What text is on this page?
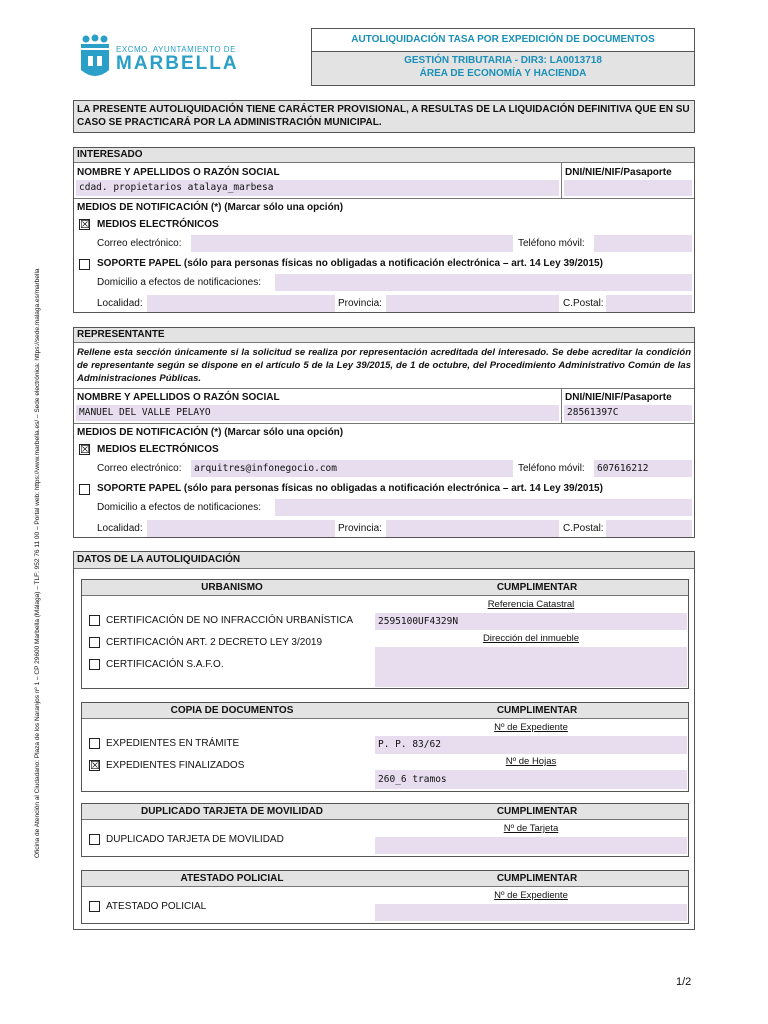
Oficina de Atención al Ciudadano: Plaza de los Naranjos nº 1 – CP 29600 Marbella (Málaga) – TLF: 952 76 11 00 – Portal web: https://www.marbella.es/ – Sede electrónica: https://sede.malaga.es/marbella
EXCMO. AYUNTAMIENTO DE
MARBELLA
AUTOLIQUIDACIÓN TASA POR EXPEDICIÓN DE DOCUMENTOS
GESTIÓN TRIBUTARIA - DIR3: LA0013718
ÁREA DE ECONOMÍA Y HACIENDA
LA PRESENTE AUTOLIQUIDACIÓN TIENE CARÁCTER PROVISIONAL, A RESULTAS DE LA LIQUIDACIÓN DEFINITIVA QUE EN SU CASO SE PRACTICARÁ POR LA ADMINISTRACIÓN MUNICIPAL.
INTERESADO
NOMBRE Y APELLIDOS O RAZÓN SOCIAL	DNI/NIE/NIF/Pasaporte
cdad. propietarios atalaya_marbesa
MEDIOS DE NOTIFICACIÓN (*) (Marcar sólo una opción)
☒ MEDIOS ELECTRÓNICOS
Correo electrónico:	Teléfono móvil:
SOPORTE PAPEL (sólo para personas físicas no obligadas a notificación electrónica – art. 14 Ley 39/2015)
Domicilio a efectos de notificaciones:
Localidad:	Provincia:	C.Postal:
REPRESENTANTE
Rellene esta sección únicamente si la solicitud se realiza por representación acreditada del interesado. Se debe acreditar la condición de representante según se dispone en el artículo 5 de la Ley 39/2015, de 1 de octubre, del Procedimiento Administrativo Común de las Administraciones Públicas.
NOMBRE Y APELLIDOS O RAZÓN SOCIAL	DNI/NIE/NIF/Pasaporte
MANUEL DEL VALLE PELAYO	28561397C
MEDIOS DE NOTIFICACIÓN (*) (Marcar sólo una opción)
☒ MEDIOS ELECTRÓNICOS
Correo electrónico:	arquitres@infonegocio.com	Teléfono móvil:	607616212
SOPORTE PAPEL (sólo para personas físicas no obligadas a notificación electrónica – art. 14 Ley 39/2015)
Domicilio a efectos de notificaciones:
Localidad:	Provincia:	C.Postal:
DATOS DE LA AUTOLIQUIDACIÓN
URBANISMO	CUMPLIMENTAR
CERTIFICACIÓN DE NO INFRACCIÓN URBANÍSTICA
CERTIFICACIÓN ART. 2 DECRETO LEY 3/2019
CERTIFICACIÓN S.A.F.O.
Referencia Catastral
2595100UF4329N
Dirección del inmueble
COPIA DE DOCUMENTOS	CUMPLIMENTAR
EXPEDIENTES EN TRÁMITE
☒ EXPEDIENTES FINALIZADOS
Nº de Expediente
P. P. 83/62
Nº de Hojas
260_6 tramos
DUPLICADO TARJETA DE MOVILIDAD	CUMPLIMENTAR
DUPLICADO TARJETA DE MOVILIDAD
Nº de Tarjeta
ATESTADO POLICIAL	CUMPLIMENTAR
ATESTADO POLICIAL
Nº de Expediente
1/2
